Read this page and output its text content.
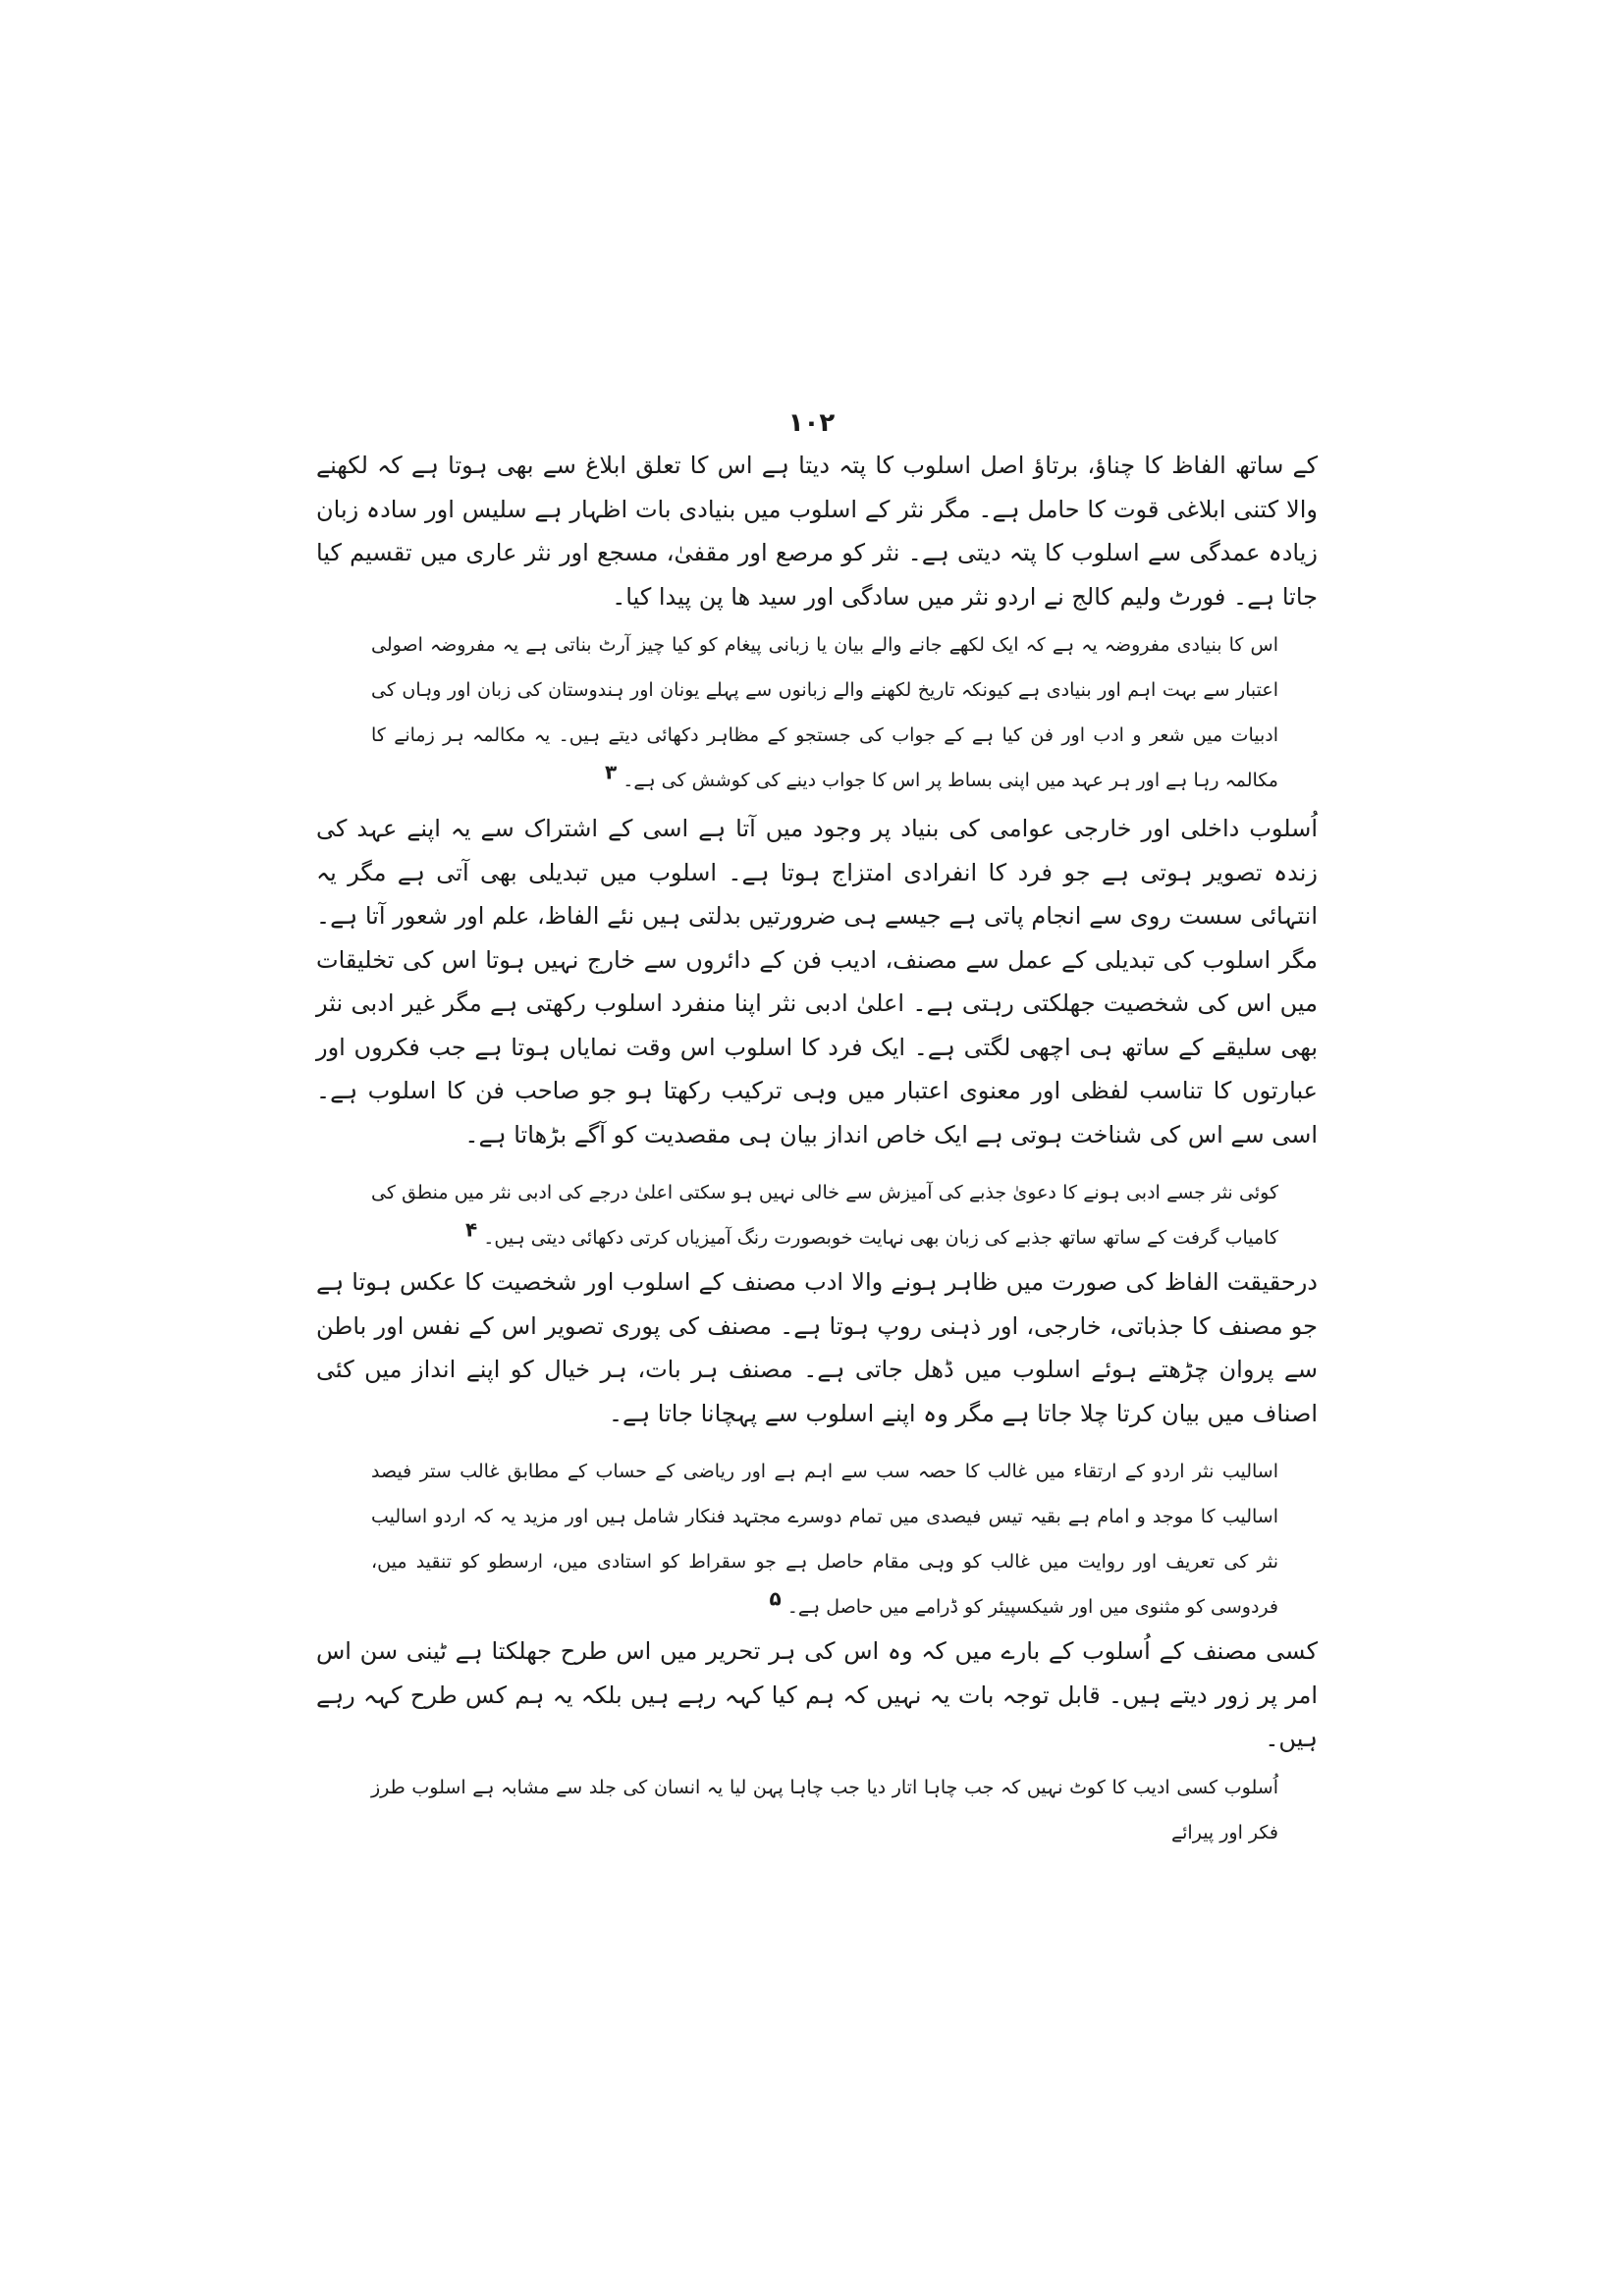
۱۰۲

کے ساتھ الفاظ کا چناؤ، برتاؤ اصل اسلوب کا پتہ دیتا ہے اس کا تعلق ابلاغ سے بھی ہوتا ہے کہ لکھنے والا کتنی ابلاغی قوت کا حامل ہے۔ مگر نثر کے اسلوب میں بنیادی بات اظہار ہے سلیس اور سادہ زبان زیادہ عمدگی سے اسلوب کا پتہ دیتی ہے۔ نثر کو مرصع اور مقفیٰ، مسجع اور نثر عاری میں تقسیم کیا جاتا ہے۔ فورٹ ولیم کالج نے اردو نثر میں سادگی اور سید ھا پن پیدا کیا۔

اس کا بنیادی مفروضہ یہ ہے کہ ایک لکھے جانے والے بیان یا زبانی پیغام کو کیا چیز آرٹ بناتی ہے یہ مفروضہ اصولی اعتبار سے بہت اہم اور بنیادی ہے کیونکہ تاریخ لکھنے والے زبانوں سے پہلے یونان اور ہندوستان کی زبان اور وہاں کی ادبیات میں شعر و ادب اور فن کیا ہے کے جواب کی جستجو کے مظاہر دکھائی دیتے ہیں۔ یہ مکالمہ ہر زمانے کا مکالمہ رہا ہے اور ہر عہد میں اپنی بساط پر اس کا جواب دینے کی کوشش کی ہے۔ ۳

اُسلوب داخلی اور خارجی عوامی کی بنیاد پر وجود میں آتا ہے اسی کے اشتراک سے یہ اپنے عہد کی زندہ تصویر ہوتی ہے جو فرد کا انفرادی امتزاج ہوتا ہے۔ اسلوب میں تبدیلی بھی آتی ہے مگر یہ انتہائی سست روی سے انجام پاتی ہے جیسے ہی ضرورتیں بدلتی ہیں نئے الفاظ، علم اور شعور آتا ہے۔ مگر اسلوب کی تبدیلی کے عمل سے مصنف، ادیب فن کے دائروں سے خارج نہیں ہوتا اس کی تخلیقات میں اس کی شخصیت جھلکتی رہتی ہے۔ اعلیٰ ادبی نثر اپنا منفرد اسلوب رکھتی ہے مگر غیر ادبی نثر بھی سلیقے کے ساتھ ہی اچھی لگتی ہے۔ ایک فرد کا اسلوب اس وقت نمایاں ہوتا ہے جب فکروں اور عبارتوں کا تناسب لفظی اور معنوی اعتبار میں وہی ترکیب رکھتا ہو جو صاحب فن کا اسلوب ہے۔ اسی سے اس کی شناخت ہوتی ہے ایک خاص انداز بیان ہی مقصدیت کو آگے بڑھاتا ہے۔

کوئی نثر جسے ادبی ہونے کا دعویٰ جذبے کی آمیزش سے خالی نہیں ہو سکتی اعلیٰ درجے کی ادبی نثر میں منطق کی کامیاب گرفت کے ساتھ ساتھ جذبے کی زبان بھی نہایت خوبصورت رنگ آمیزیاں کرتی دکھائی دیتی ہیں۔ ۴

درحقیقت الفاظ کی صورت میں ظاہر ہونے والا ادب مصنف کے اسلوب اور شخصیت کا عکس ہوتا ہے جو مصنف کا جذباتی، خارجی، اور ذہنی روپ ہوتا ہے۔ مصنف کی پوری تصویر اس کے نفس اور باطن سے پروان چڑھتے ہوئے اسلوب میں ڈھل جاتی ہے۔ مصنف ہر بات، ہر خیال کو اپنے انداز میں کئی اصناف میں بیان کرتا چلا جاتا ہے مگر وہ اپنے اسلوب سے پہچانا جاتا ہے۔

اسالیب نثر اردو کے ارتقاء میں غالب کا حصہ سب سے اہم ہے اور ریاضی کے حساب کے مطابق غالب ستر فیصد اسالیب کا موجد و امام ہے بقیہ تیس فیصدی میں تمام دوسرے مجتہد فنکار شامل ہیں اور مزید یہ کہ اردو اسالیب نثر کی تعریف اور روایت میں غالب کو وہی مقام حاصل ہے جو سقراط کو استادی میں، ارسطو کو تنقید میں، فردوسی کو مثنوی میں اور شیکسپیئر کو ڈرامے میں حاصل ہے۔ ۵

کسی مصنف کے اُسلوب کے بارے میں کہ وہ اس کی ہر تحریر میں اس طرح جھلکتا ہے ٹینی سن اس امر پر زور دیتے ہیں۔ قابل توجہ بات یہ نہیں کہ ہم کیا کہہ رہے ہیں بلکہ یہ ہم کس طرح کہہ رہے ہیں۔

اُسلوب کسی ادیب کا کوٹ نہیں کہ جب چاہا اتار دیا جب چاہا پہن لیا یہ انسان کی جلد سے مشابہ ہے اسلوب طرز فکر اور پیرائے
